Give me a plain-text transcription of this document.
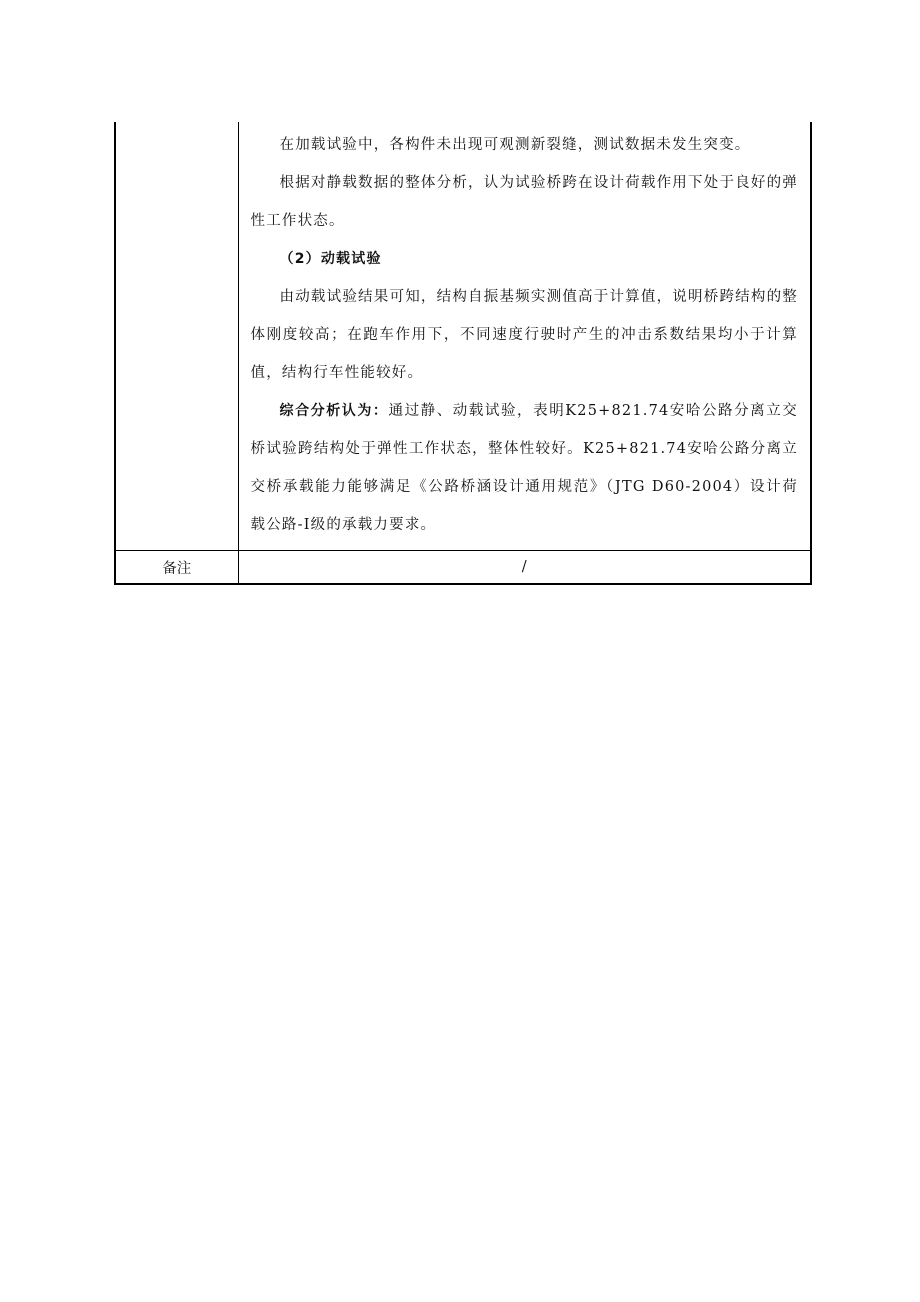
	在加载试验中，各构件未出现可观测新裂缝，测试数据未发生突变。

根据对静载数据的整体分析，认为试验桥跨在设计荷载作用下处于良好的弹性工作状态。

（2）动载试验

由动载试验结果可知，结构自振基频实测值高于计算值，说明桥跨结构的整体刚度较高；在跑车作用下，不同速度行驶时产生的冲击系数结果均小于计算值，结构行车性能较好。

综合分析认为：通过静、动载试验，表明K25+821.74安哈公路分离立交桥试验跨结构处于弹性工作状态，整体性较好。K25+821.74安哈公路分离立交桥承载能力能够满足《公路桥涵设计通用规范》（JTG D60-2004）设计荷载公路-Ⅰ级的承载力要求。

备注	/
